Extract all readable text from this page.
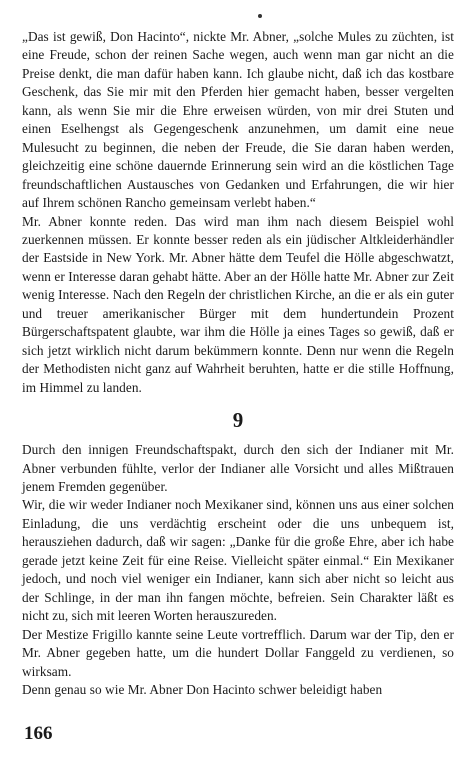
„Das ist gewiß, Don Hacinto“, nickte Mr. Abner, „solche Mules zu züchten, ist eine Freude, schon der reinen Sache wegen, auch wenn man gar nicht an die Preise denkt, die man dafür haben kann. Ich glaube nicht, daß ich das kostbare Geschenk, das Sie mir mit den Pferden hier gemacht haben, besser vergelten kann, als wenn Sie mir die Ehre erweisen würden, von mir drei Stuten und einen Eselhengst als Gegengeschenk anzunehmen, um damit eine neue Mulesucht zu beginnen, die neben der Freude, die Sie daran haben werden, gleichzeitig eine schöne dauernde Erinnerung sein wird an die köstlichen Tage freundschaftlichen Austausches von Gedanken und Erfahrungen, die wir hier auf Ihrem schönen Rancho gemeinsam verlebt haben.“

Mr. Abner konnte reden. Das wird man ihm nach diesem Beispiel wohl zuerkennen müssen. Er konnte besser reden als ein jüdischer Altkleiderhändler der Eastside in New York. Mr. Abner hätte dem Teufel die Hölle abgeschwatzt, wenn er Interesse daran gehabt hätte. Aber an der Hölle hatte Mr. Abner zur Zeit wenig Interesse. Nach den Regeln der christlichen Kirche, an die er als ein guter und treuer amerikanischer Bürger mit dem hundertundein Prozent Bürgerschaftspatent glaubte, war ihm die Hölle ja eines Tages so gewiß, daß er sich jetzt wirklich nicht darum bekümmern konnte. Denn nur wenn die Regeln der Methodisten nicht ganz auf Wahrheit beruhten, hatte er die stille Hoffnung, im Himmel zu landen.

9

Durch den innigen Freundschaftspakt, durch den sich der Indianer mit Mr. Abner verbunden fühlte, verlor der Indianer alle Vorsicht und alles Mißtrauen jenem Fremden gegenüber.

Wir, die wir weder Indianer noch Mexikaner sind, können uns aus einer solchen Einladung, die uns verdächtig erscheint oder die uns unbequem ist, herausziehen dadurch, daß wir sagen: „Danke für die große Ehre, aber ich habe gerade jetzt keine Zeit für eine Reise. Vielleicht später einmal.“ Ein Mexikaner jedoch, und noch viel weniger ein Indianer, kann sich aber nicht so leicht aus der Schlinge, in der man ihn fangen möchte, befreien. Sein Charakter läßt es nicht zu, sich mit leeren Worten herauszureden.

Der Mestize Frigillo kannte seine Leute vortrefflich. Darum war der Tip, den er Mr. Abner gegeben hatte, um die hundert Dollar Fanggeld zu verdienen, so wirksam.

Denn genau so wie Mr. Abner Don Hacinto schwer beleidigt haben

166
